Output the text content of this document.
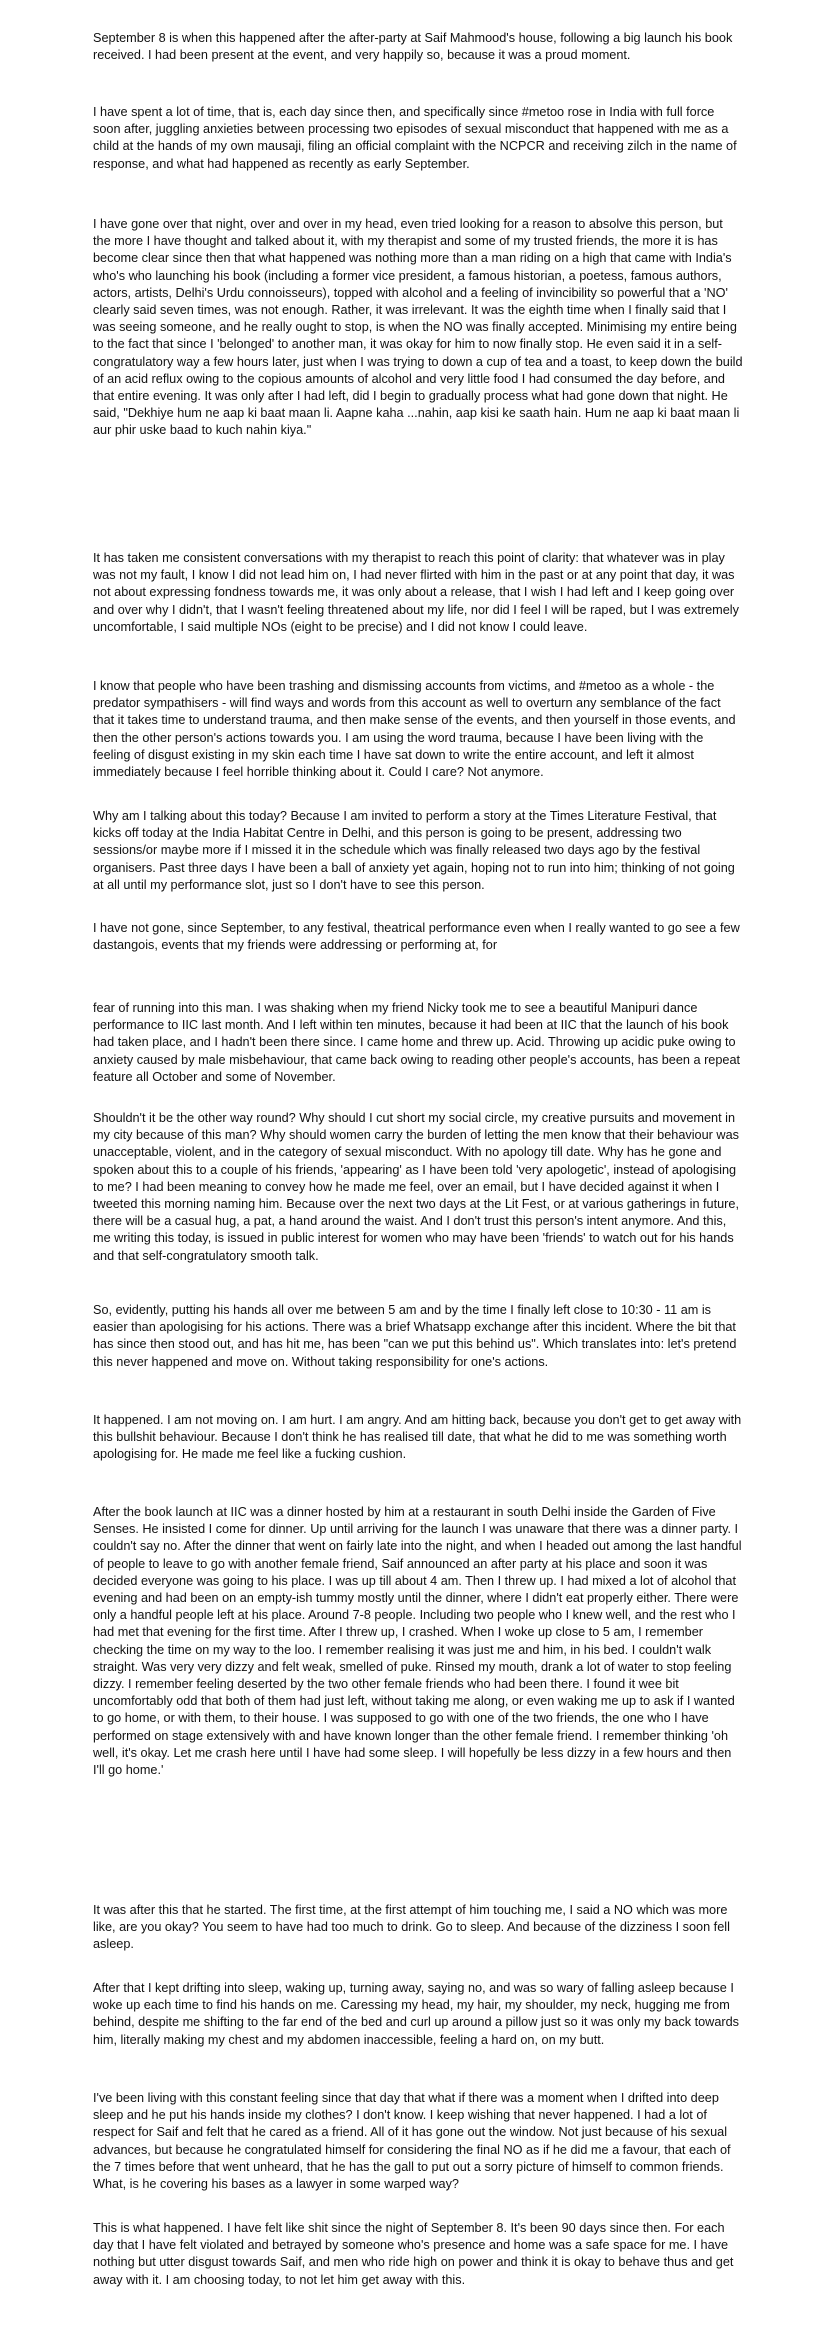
September 8 is when this happened after the after-party at Saif Mahmood's house, following a big launch his book received. I had been present at the event, and very happily so, because it was a proud moment.

I have spent a lot of time, that is, each day since then, and specifically since #metoo rose in India with full force soon after, juggling anxieties between processing two episodes of sexual misconduct that happened with me as a child at the hands of my own mausaji, filing an official complaint with the NCPCR and receiving zilch in the name of response, and what had happened as recently as early September.

I have gone over that night, over and over in my head, even tried looking for a reason to absolve this person, but the more I have thought and talked about it, with my therapist and some of my trusted friends, the more it is has become clear since then that what happened was nothing more than a man riding on a high that came with India's who's who launching his book (including a former vice president, a famous historian, a poetess, famous authors, actors, artists, Delhi's Urdu connoisseurs), topped with alcohol and a feeling of invincibility so powerful that a 'NO' clearly said seven times, was not enough. Rather, it was irrelevant. It was the eighth time when I finally said that I was seeing someone, and he really ought to stop, is when the NO was finally accepted. Minimising my entire being to the fact that since I 'belonged' to another man, it was okay for him to now finally stop. He even said it in a self-congratulatory way a few hours later, just when I was trying to down a cup of tea and a toast, to keep down the build of an acid reflux owing to the copious amounts of alcohol and very little food I had consumed the day before, and that entire evening. It was only after I had left, did I begin to gradually process what had gone down that night. He said, "Dekhiye hum ne aap ki baat maan li. Aapne kaha ...nahin, aap kisi ke saath hain. Hum ne aap ki baat maan li aur phir uske baad to kuch nahin kiya."

It has taken me consistent conversations with my therapist to reach this point of clarity: that whatever was in play was not my fault, I know I did not lead him on, I had never flirted with him in the past or at any point that day, it was not about expressing fondness towards me, it was only about a release, that I wish I had left and I keep going over and over why I didn't, that I wasn't feeling threatened about my life, nor did I feel I will be raped, but I was extremely uncomfortable, I said multiple NOs (eight to be precise) and I did not know I could leave.

I know that people who have been trashing and dismissing accounts from victims, and #metoo as a whole - the predator sympathisers - will find ways and words from this account as well to overturn any semblance of the fact that it takes time to understand trauma, and then make sense of the events, and then yourself in those events, and then the other person's actions towards you. I am using the word trauma, because I have been living with the feeling of disgust existing in my skin each time I have sat down to write the entire account, and left it almost immediately because I feel horrible thinking about it. Could I care? Not anymore.

Why am I talking about this today? Because I am invited to perform a story at the Times Literature Festival, that kicks off today at the India Habitat Centre in Delhi, and this person is going to be present, addressing two sessions/or maybe more if I missed it in the schedule which was finally released two days ago by the festival organisers. Past three days I have been a ball of anxiety yet again, hoping not to run into him; thinking of not going at all until my performance slot, just so I don't have to see this person.

I have not gone, since September, to any festival, theatrical performance even when I really wanted to go see a few dastangois, events that my friends were addressing or performing at, for

fear of running into this man. I was shaking when my friend Nicky took me to see a beautiful Manipuri dance performance to IIC last month. And I left within ten minutes, because it had been at IIC that the launch of his book had taken place, and I hadn't been there since. I came home and threw up. Acid. Throwing up acidic puke owing to anxiety caused by male misbehaviour, that came back owing to reading other people's accounts, has been a repeat feature all October and some of November.

Shouldn't it be the other way round? Why should I cut short my social circle, my creative pursuits and movement in my city because of this man? Why should women carry the burden of letting the men know that their behaviour was unacceptable, violent, and in the category of sexual misconduct. With no apology till date. Why has he gone and spoken about this to a couple of his friends, 'appearing' as I have been told 'very apologetic', instead of apologising to me? I had been meaning to convey how he made me feel, over an email, but I have decided against it when I tweeted this morning naming him. Because over the next two days at the Lit Fest, or at various gatherings in future, there will be a casual hug, a pat, a hand around the waist. And I don't trust this person's intent anymore. And this, me writing this today, is issued in public interest for women who may have been 'friends' to watch out for his hands and that self-congratulatory smooth talk.

So, evidently, putting his hands all over me between 5 am and by the time I finally left close to 10:30 - 11 am is easier than apologising for his actions. There was a brief Whatsapp exchange after this incident. Where the bit that has since then stood out, and has hit me, has been "can we put this behind us". Which translates into: let's pretend this never happened and move on. Without taking responsibility for one's actions.

It happened. I am not moving on. I am hurt. I am angry. And am hitting back, because you don't get to get away with this bullshit behaviour. Because I don't think he has realised till date, that what he did to me was something worth apologising for. He made me feel like a fucking cushion.

After the book launch at IIC was a dinner hosted by him at a restaurant in south Delhi inside the Garden of Five Senses. He insisted I come for dinner. Up until arriving for the launch I was unaware that there was a dinner party. I couldn't say no. After the dinner that went on fairly late into the night, and when I headed out among the last handful of people to leave to go with another female friend, Saif announced an after party at his place and soon it was decided everyone was going to his place. I was up till about 4 am. Then I threw up. I had mixed a lot of alcohol that evening and had been on an empty-ish tummy mostly until the dinner, where I didn't eat properly either. There were only a handful people left at his place. Around 7-8 people. Including two people who I knew well, and the rest who I had met that evening for the first time. After I threw up, I crashed. When I woke up close to 5 am, I remember checking the time on my way to the loo. I remember realising it was just me and him, in his bed. I couldn't walk straight. Was very very dizzy and felt weak, smelled of puke. Rinsed my mouth, drank a lot of water to stop feeling dizzy. I remember feeling deserted by the two other female friends who had been there. I found it wee bit uncomfortably odd that both of them had just left, without taking me along, or even waking me up to ask if I wanted to go home, or with them, to their house. I was supposed to go with one of the two friends, the one who I have performed on stage extensively with and have known longer than the other female friend. I remember thinking 'oh well, it's okay. Let me crash here until I have had some sleep. I will hopefully be less dizzy in a few hours and then I'll go home.'

It was after this that he started. The first time, at the first attempt of him touching me, I said a NO which was more like, are you okay? You seem to have had too much to drink. Go to sleep. And because of the dizziness I soon fell asleep.

After that I kept drifting into sleep, waking up, turning away, saying no, and was so wary of falling asleep because I woke up each time to find his hands on me. Caressing my head, my hair, my shoulder, my neck, hugging me from behind, despite me shifting to the far end of the bed and curl up around a pillow just so it was only my back towards him, literally making my chest and my abdomen inaccessible, feeling a hard on, on my butt.

I've been living with this constant feeling since that day that what if there was a moment when I drifted into deep sleep and he put his hands inside my clothes? I don't know. I keep wishing that never happened. I had a lot of respect for Saif and felt that he cared as a friend. All of it has gone out the window. Not just because of his sexual advances, but because he congratulated himself for considering the final NO as if he did me a favour, that each of the 7 times before that went unheard, that he has the gall to put out a sorry picture of himself to common friends. What, is he covering his bases as a lawyer in some warped way?

This is what happened. I have felt like shit since the night of September 8. It's been 90 days since then. For each day that I have felt violated and betrayed by someone who's presence and home was a safe space for me. I have nothing but utter disgust towards Saif, and men who ride high on power and think it is okay to behave thus and get away with it. I am choosing today, to not let him get away with this.
